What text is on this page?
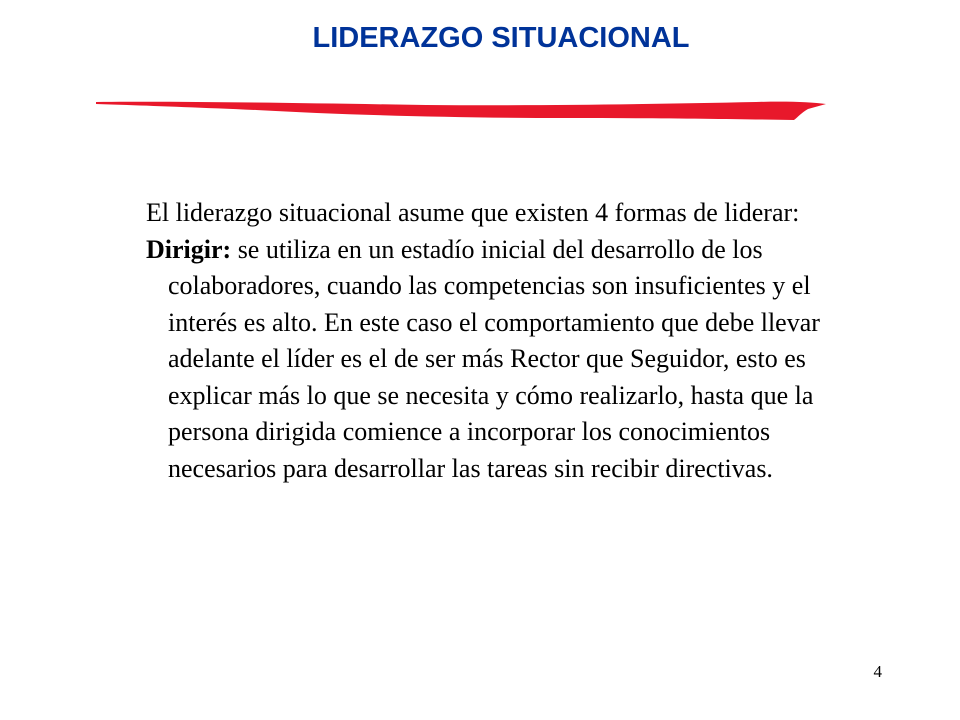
LIDERAZGO SITUACIONAL

El liderazgo situacional asume que existen 4 formas de liderar:

Dirigir: se utiliza en un estadío inicial del desarrollo de los colaboradores, cuando las competencias son insuficientes y el interés es alto. En este caso el comportamiento que debe llevar adelante el líder es el de ser más Rector que Seguidor, esto es explicar más lo que se necesita y cómo realizarlo, hasta que la persona dirigida comience a incorporar los conocimientos necesarios para desarrollar las tareas sin recibir directivas.

4
